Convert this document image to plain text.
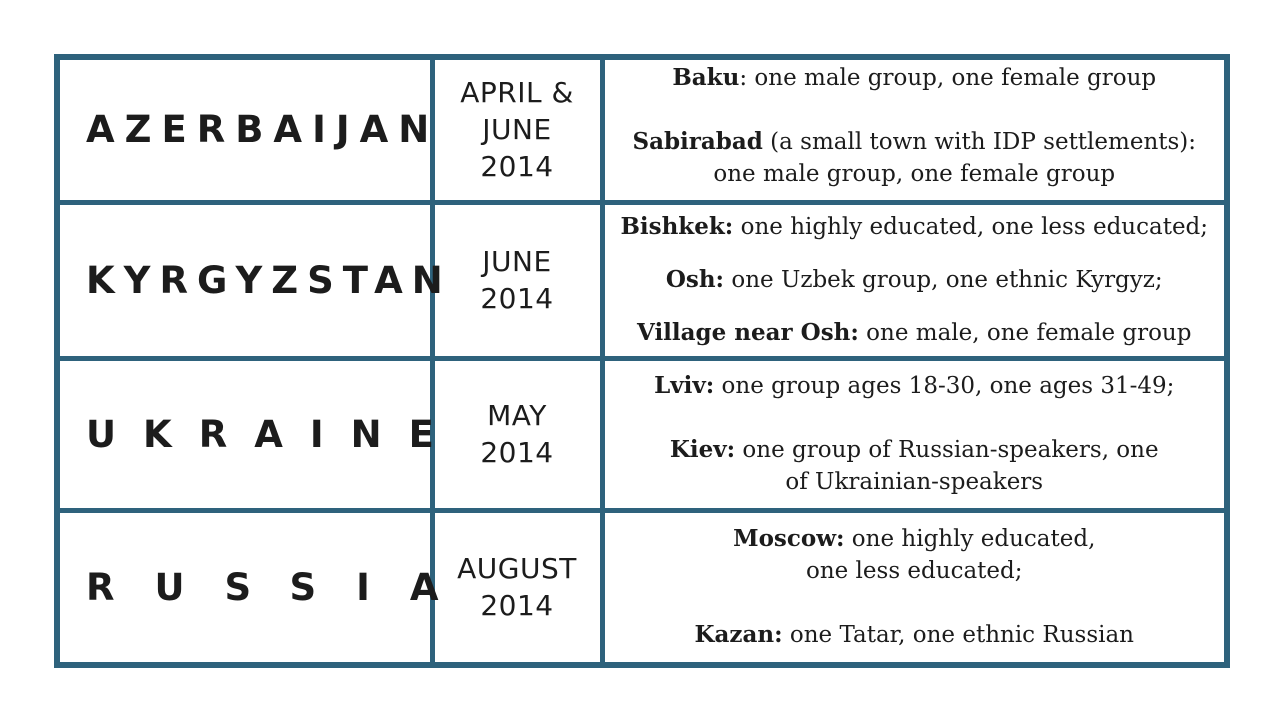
AZERBAIJAN	APRIL &
JUNE
2014	Baku: one male group, one female group
Sabirabad (a small town with IDP settlements): one male group, one female group

KYRGYZSTAN	JUNE
2014	Bishkek: one highly educated, one less educated;
Osh: one Uzbek group, one ethnic Kyrgyz;
Village near Osh: one male, one female group

UKRAINE	MAY
2014	Lviv: one group ages 18-30, one ages 31-49;
Kiev: one group of Russian-speakers, one of Ukrainian-speakers

RUSSIA	AUGUST
2014	Moscow: one highly educated, one less educated;
Kazan: one Tatar, one ethnic Russian
